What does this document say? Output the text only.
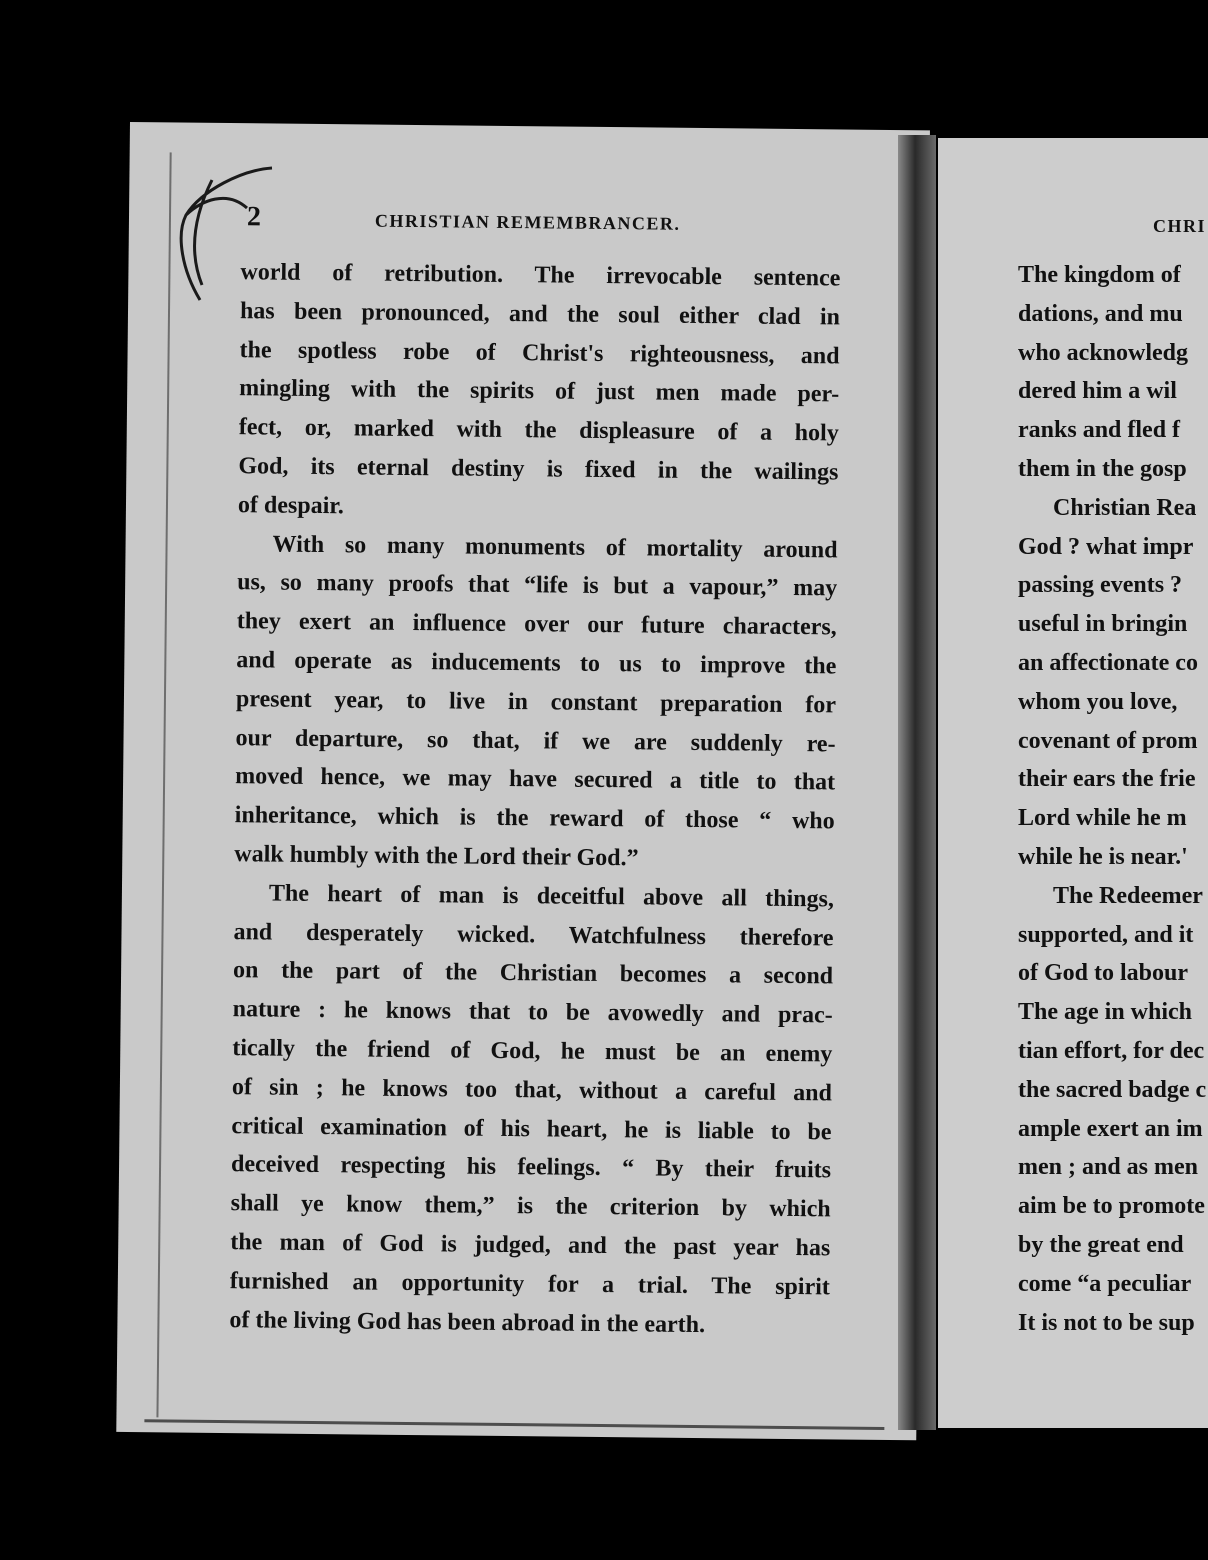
2	CHRISTIAN REMEMBRANCER.
world of retribution. The irrevocable sentence
has been pronounced, and the soul either clad in
the spotless robe of Christ's righteousness, and
mingling with the spirits of just men made per-
fect, or, marked with the displeasure of a holy
God, its eternal destiny is fixed in the wailings
of despair.
With so many monuments of mortality around
us, so many proofs that “life is but a vapour,” may
they exert an influence over our future characters,
and operate as inducements to us to improve the
present year, to live in constant preparation for
our departure, so that, if we are suddenly re-
moved hence, we may have secured a title to that
inheritance, which is the reward of those “ who
walk humbly with the Lord their God.”
The heart of man is deceitful above all things,
and desperately wicked. Watchfulness therefore
on the part of the Christian becomes a second
nature : he knows that to be avowedly and prac-
tically the friend of God, he must be an enemy
of sin ; he knows too that, without a careful and
critical examination of his heart, he is liable to be
deceived respecting his feelings. “ By their fruits
shall ye know them,” is the criterion by which
the man of God is judged, and the past year has
furnished an opportunity for a trial. The spirit
of the living God has been abroad in the earth.
CHRI
The kingdom of
dations, and mu
who acknowledg
dered him a wil
ranks and fled f
them in the gosp
Christian Rea
God ? what impr
passing events ?
useful in bringin
an affectionate co
whom you love,
covenant of prom
their ears the frie
Lord while he m
while he is near.'
The Redeemer
supported, and it
of God to labour
The age in which
tian effort, for dec
the sacred badge c
ample exert an im
men ; and as men
aim be to promote
by the great end
come “a peculiar
It is not to be sup
